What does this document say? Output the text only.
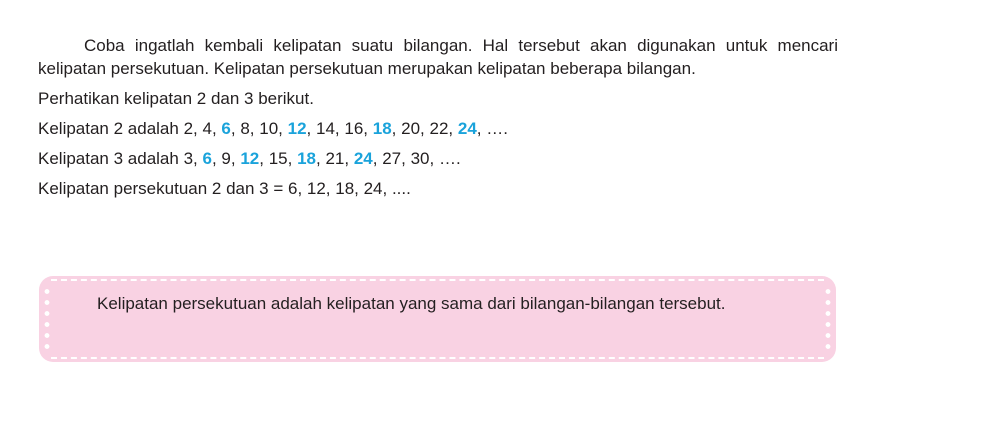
Coba ingatlah kembali kelipatan suatu bilangan. Hal tersebut akan digunakan untuk mencari kelipatan persekutuan. Kelipatan persekutuan merupakan kelipatan beberapa bilangan.

Perhatikan kelipatan 2 dan 3 berikut.

Kelipatan 2 adalah 2, 4, 6, 8, 10, 12, 14, 16, 18, 20, 22, 24, ….

Kelipatan 3 adalah 3, 6, 9, 12, 15, 18, 21, 24, 27, 30, ….

Kelipatan persekutuan 2 dan 3 = 6, 12, 18, 24, ....

Kelipatan persekutuan adalah kelipatan yang sama dari bilangan-bilangan tersebut.
